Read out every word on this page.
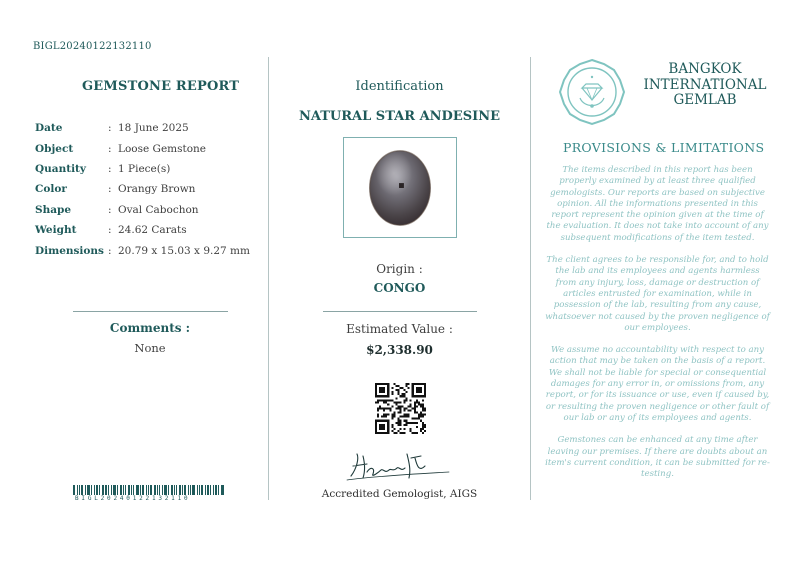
BIGL20240122132110
GEMSTONE REPORT
Date	: 18 June 2025
Object	: Loose Gemstone
Quantity	: 1 Piece(s)
Color	: Orangy Brown
Shape	: Oval Cabochon
Weight	: 24.62 Carats
Dimensions : 20.79 x 15.03 x 9.27 mm
Comments :
None
BIGL20240122132110
Identification
NATURAL STAR ANDESINE
Origin :
CONGO
Estimated Value :
$2,338.90
Accredited Gemologist, AIGS
BANGKOK
INTERNATIONAL
GEMLAB
PROVISIONS & LIMITATIONS

The items described in this report has been properly examined by at least three qualified gemologists. Our reports are based on subjective opinion. All the informations presented in this report represent the opinion given at the time of the evaluation. It does not take into account of any subsequent modifications of the item tested.

The client agrees to be responsible for, and to hold the lab and its employees and agents harmless from any injury, loss, damage or destruction of articles entrusted for examination, while in possession of the lab, resulting from any cause, whatsoever not caused by the proven negligence of our employees.

We assume no accountability with respect to any action that may be taken on the basis of a report. We shall not be liable for special or consequential damages for any error in, or omissions from, any report, or for its issuance or use, even if caused by, or resulting the proven negligence or other fault of our lab or any of its employees and agents.

Gemstones can be enhanced at any time after leaving our premises. If there are doubts about an item's current condition, it can be submitted for re-testing.
